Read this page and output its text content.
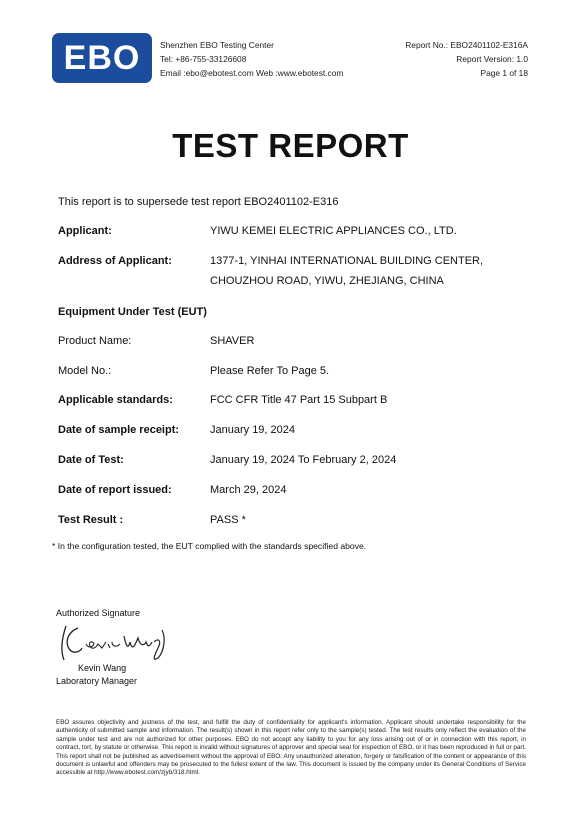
EBO	Shenzhen EBO Testing Center
Tel: +86-755-33126608
Email :ebo@ebotest.com Web :www.ebotest.com
Report No.: EBO2401102-E316A
Report Version: 1.0
Page 1 of 18
TEST REPORT
This report is to supersede test report EBO2401102-E316
Applicant:	YIWU KEMEI ELECTRIC APPLIANCES CO., LTD.
Address of Applicant:	1377-1, YINHAI INTERNATIONAL BUILDING CENTER,
CHOUZHOU ROAD, YIWU, ZHEJIANG, CHINA
Equipment Under Test (EUT)
Product Name:	SHAVER
Model No.:	Please Refer To Page 5.
Applicable standards:	FCC CFR Title 47 Part 15 Subpart B
Date of sample receipt:	January 19, 2024
Date of Test:	January 19, 2024 To February 2, 2024
Date of report issued:	March 29, 2024
Test Result :	PASS *
* In the configuration tested, the EUT complied with the standards specified above.
Authorized Signature
Kevin Wang
Laboratory Manager
EBO assures objectivity and justness of the test, and fulfill the duty of confidentiality for applicant's information. Applicant should undertake responsibility for the authenticity of submitted sample and information. The result(s) shown in this report refer only to the sample(s) tested. The test results only reflect the evaluation of the sample under test and are not authorized for other purposes. EBO do not accept any liability to you for any loss arising out of or in connection with this report, in contract, tort, by statute or otherwise. This report is invalid without signatures of approver and special seal for inspection of EBO, or it has been reproduced in full or part. This report shall not be published as advertisement without the approval of EBO. Any unauthorized alteration, forgery or falsification of the content or appearance of this document is unlawful and offenders may be prosecuted to the fullest extent of the law. This document is issued by the company under its General Conditions of Service accessible at http://www.ebotest.com/zjyb/318.html.
